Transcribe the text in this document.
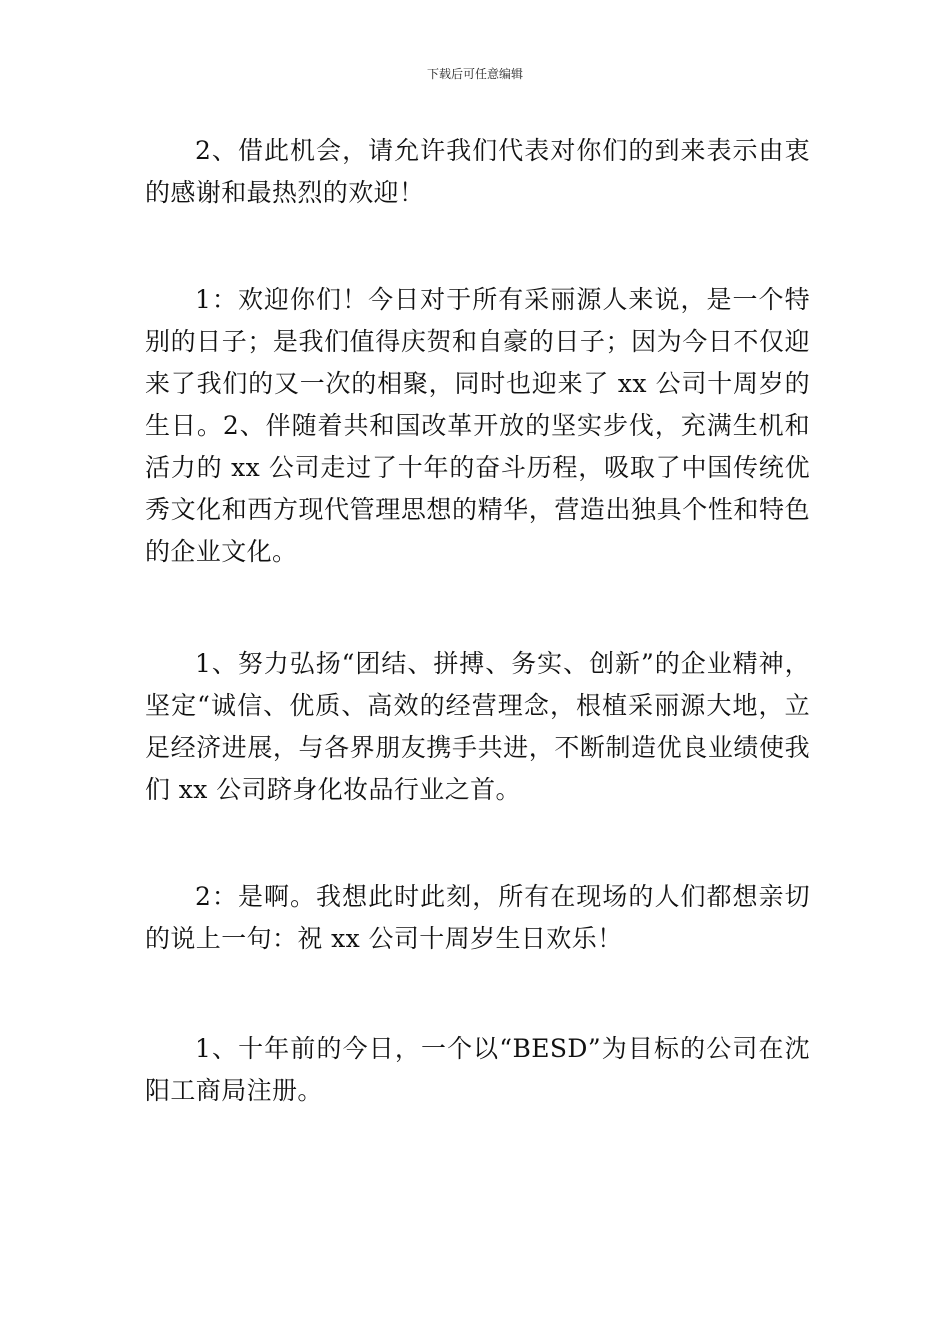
下载后可任意编辑

2、借此机会，请允许我们代表对你们的到来表示由衷的感谢和最热烈的欢迎！

1：欢迎你们！今日对于所有采丽源人来说，是一个特别的日子；是我们值得庆贺和自豪的日子；因为今日不仅迎来了我们的又一次的相聚，同时也迎来了 xx 公司十周岁的生日。2、伴随着共和国改革开放的坚实步伐，充满生机和活力的 xx 公司走过了十年的奋斗历程，吸取了中国传统优秀文化和西方现代管理思想的精华，营造出独具个性和特色的企业文化。

1、努力弘扬“团结、拼搏、务实、创新”的企业精神，坚定“诚信、优质、高效的经营理念，根植采丽源大地，立足经济进展，与各界朋友携手共进，不断制造优良业绩使我们 xx 公司跻身化妆品行业之首。

2：是啊。我想此时此刻，所有在现场的人们都想亲切的说上一句：祝 xx 公司十周岁生日欢乐！

1、十年前的今日，一个以“BESD”为目标的公司在沈阳工商局注册。
